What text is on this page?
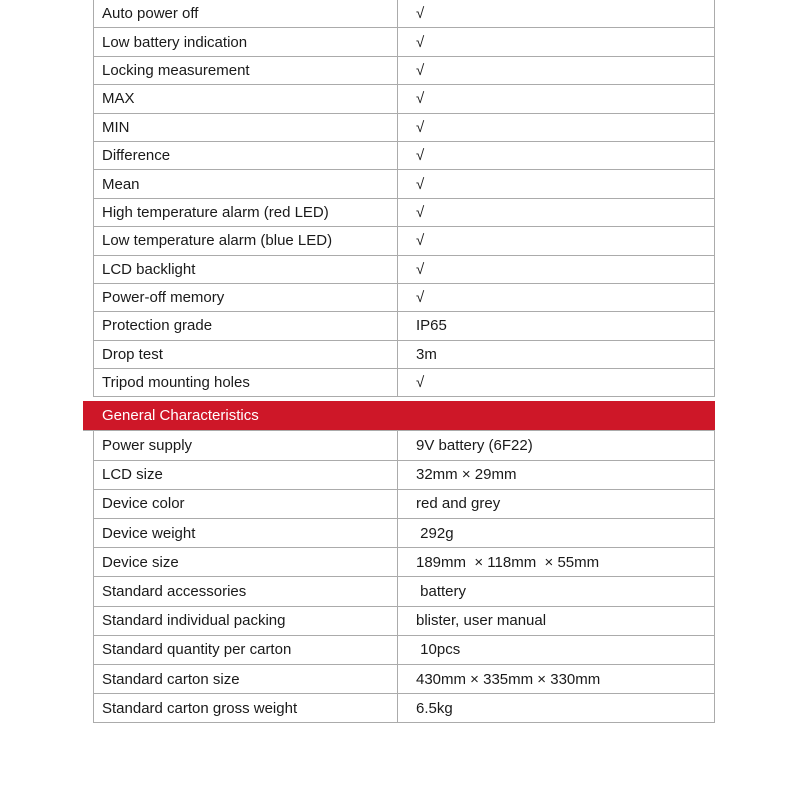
Auto power off	√
Low battery indication	√
Locking measurement	√
MAX	√
MIN	√
Difference	√
Mean	√
High temperature alarm (red LED)	√
Low temperature alarm (blue LED)	√
LCD backlight	√
Power-off memory	√
Protection grade	IP65
Drop test	3m
Tripod mounting holes	√
General Characteristics
Power supply	9V battery (6F22)
LCD size	32mm × 29mm
Device color	red and grey
Device weight	292g
Device size	189mm  × 118mm  × 55mm
Standard accessories	battery
Standard individual packing	blister, user manual
Standard quantity per carton	10pcs
Standard carton size	430mm × 335mm × 330mm
Standard carton gross weight	6.5kg
